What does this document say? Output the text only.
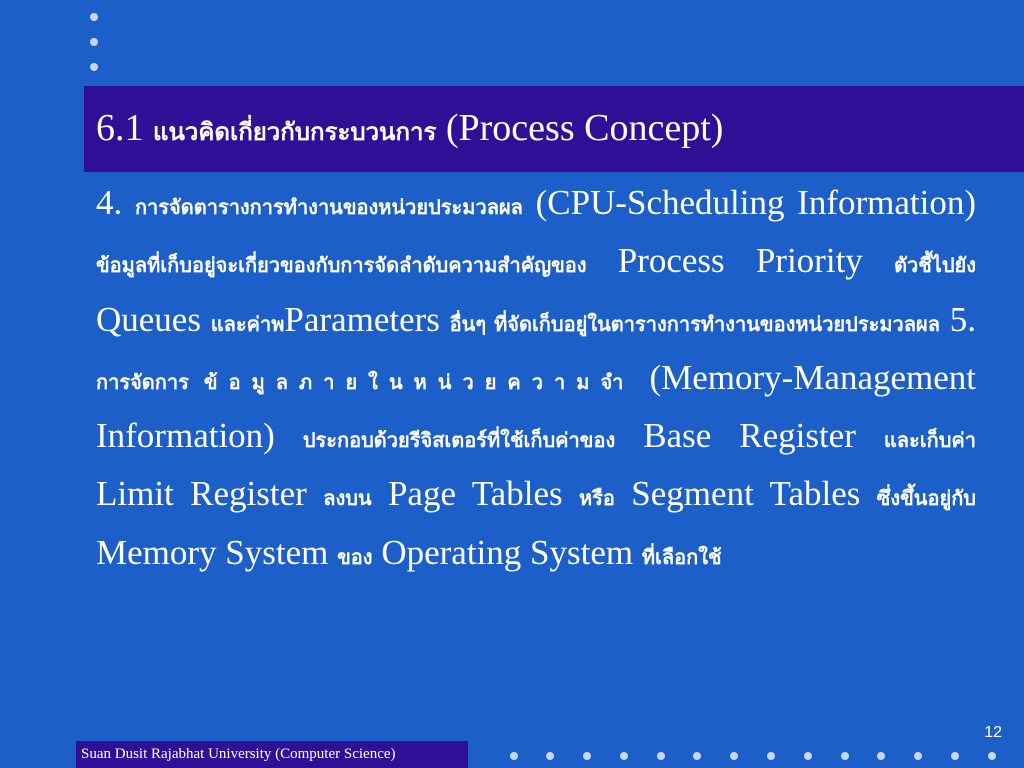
6.1 แนวคิดเกี่ยวกับกระบวนการ (Process Concept)
4. การจัดตารางการทำงานของหน่วยประมวลผล (CPU-Scheduling Information) ข้อมูลที่เก็บอยู่จะเกี่ยวของกับการจัดลำดับความสำคัญของ Process Priority ตัวชี้ไปยัง Queues และค่าพParameters อื่นๆ ที่จัดเก็บอยู่ในตารางการทำงานของหน่วยประมวลผล 5. การจัดการ ข้อมูลภายในหน่วยความจำ (Memory-Management Information) ประกอบด้วยรีจิสเตอร์ที่ใช้เก็บค่าของ Base Register และเก็บค่า Limit Register ลงบน Page Tables หรือ Segment Tables ซึ่งขึ้นอยู่กับ Memory System ของ Operating System ที่เลือกใช้
12
Suan Dusit Rajabhat University (Computer Science)
